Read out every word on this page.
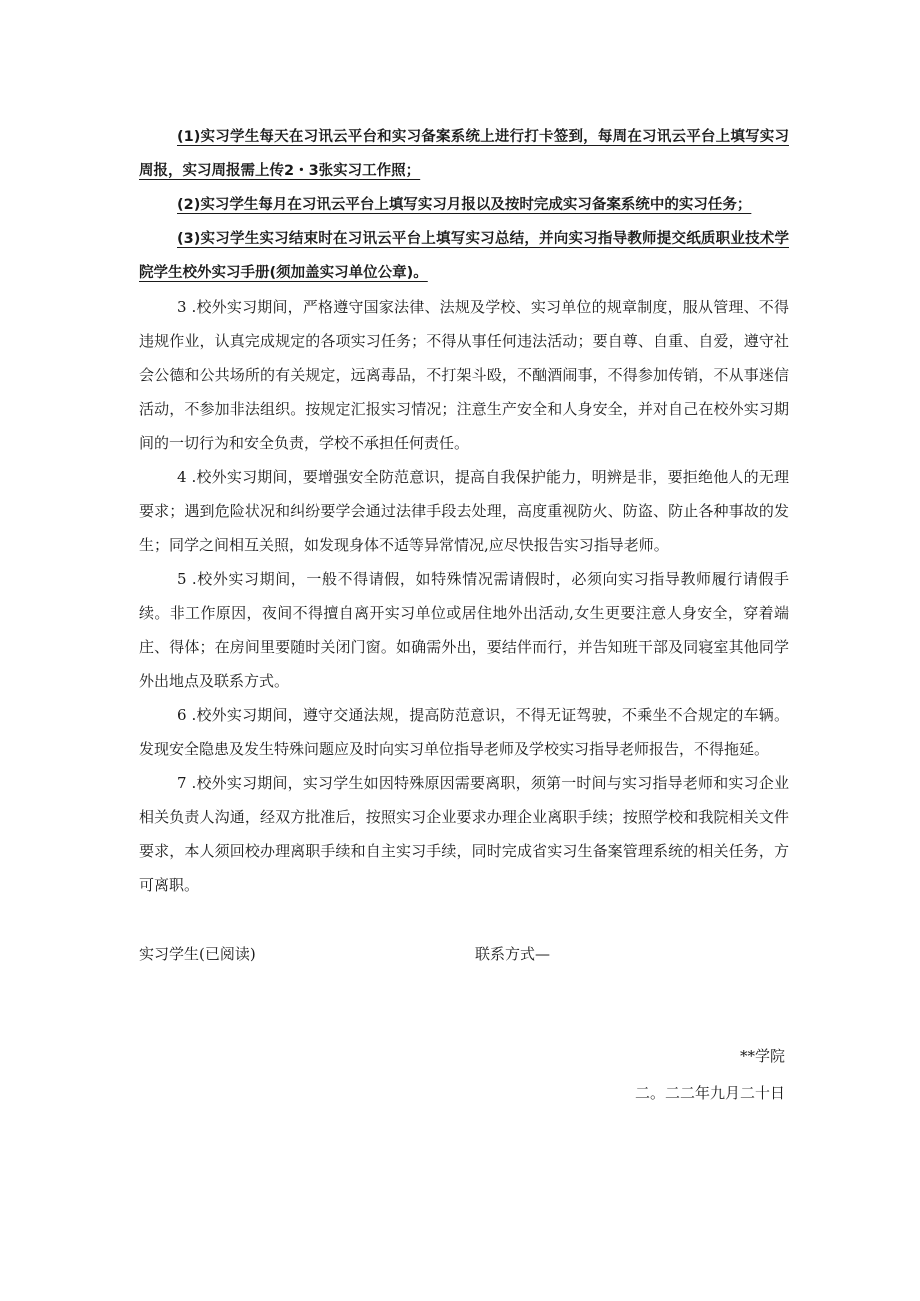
(1)实习学生每天在习讯云平台和实习备案系统上进行打卡签到，每周在习讯云平台上填写实习周报，实习周报需上传2・3张实习工作照；

(2)实习学生每月在习讯云平台上填写实习月报以及按时完成实习备案系统中的实习任务；

(3)实习学生实习结束时在习讯云平台上填写实习总结，并向实习指导教师提交纸质职业技术学院学生校外实习手册(须加盖实习单位公章)。

3 .校外实习期间，严格遵守国家法律、法规及学校、实习单位的规章制度，服从管理、不得违规作业，认真完成规定的各项实习任务；不得从事任何违法活动；要自尊、自重、自爱，遵守社会公德和公共场所的有关规定，远离毒品，不打架斗殴，不酗酒闹事，不得参加传销，不从事迷信活动，不参加非法组织。按规定汇报实习情况；注意生产安全和人身安全，并对自己在校外实习期间的一切行为和安全负责，学校不承担任何责任。

4 .校外实习期间，要增强安全防范意识，提高自我保护能力，明辨是非，要拒绝他人的无理要求；遇到危险状况和纠纷要学会通过法律手段去处理，高度重视防火、防盗、防止各种事故的发生；同学之间相互关照，如发现身体不适等异常情况,应尽快报告实习指导老师。

5 .校外实习期间，一般不得请假，如特殊情况需请假时，必须向实习指导教师履行请假手续。非工作原因，夜间不得擅自离开实习单位或居住地外出活动,女生更要注意人身安全，穿着端庄、得体；在房间里要随时关闭门窗。如确需外出，要结伴而行，并告知班干部及同寝室其他同学外出地点及联系方式。

6 .校外实习期间，遵守交通法规，提高防范意识，不得无证驾驶，不乘坐不合规定的车辆。发现安全隐患及发生特殊问题应及时向实习单位指导老师及学校实习指导老师报告，不得拖延。

7 .校外实习期间，实习学生如因特殊原因需要离职，须第一时间与实习指导老师和实习企业相关负责人沟通，经双方批准后，按照实习企业要求办理企业离职手续；按照学校和我院相关文件要求，本人须回校办理离职手续和自主实习手续，同时完成省实习生备案管理系统的相关任务，方可离职。

实习学生(已阅读)	联系方式—

**学院

二。二二年九月二十日
